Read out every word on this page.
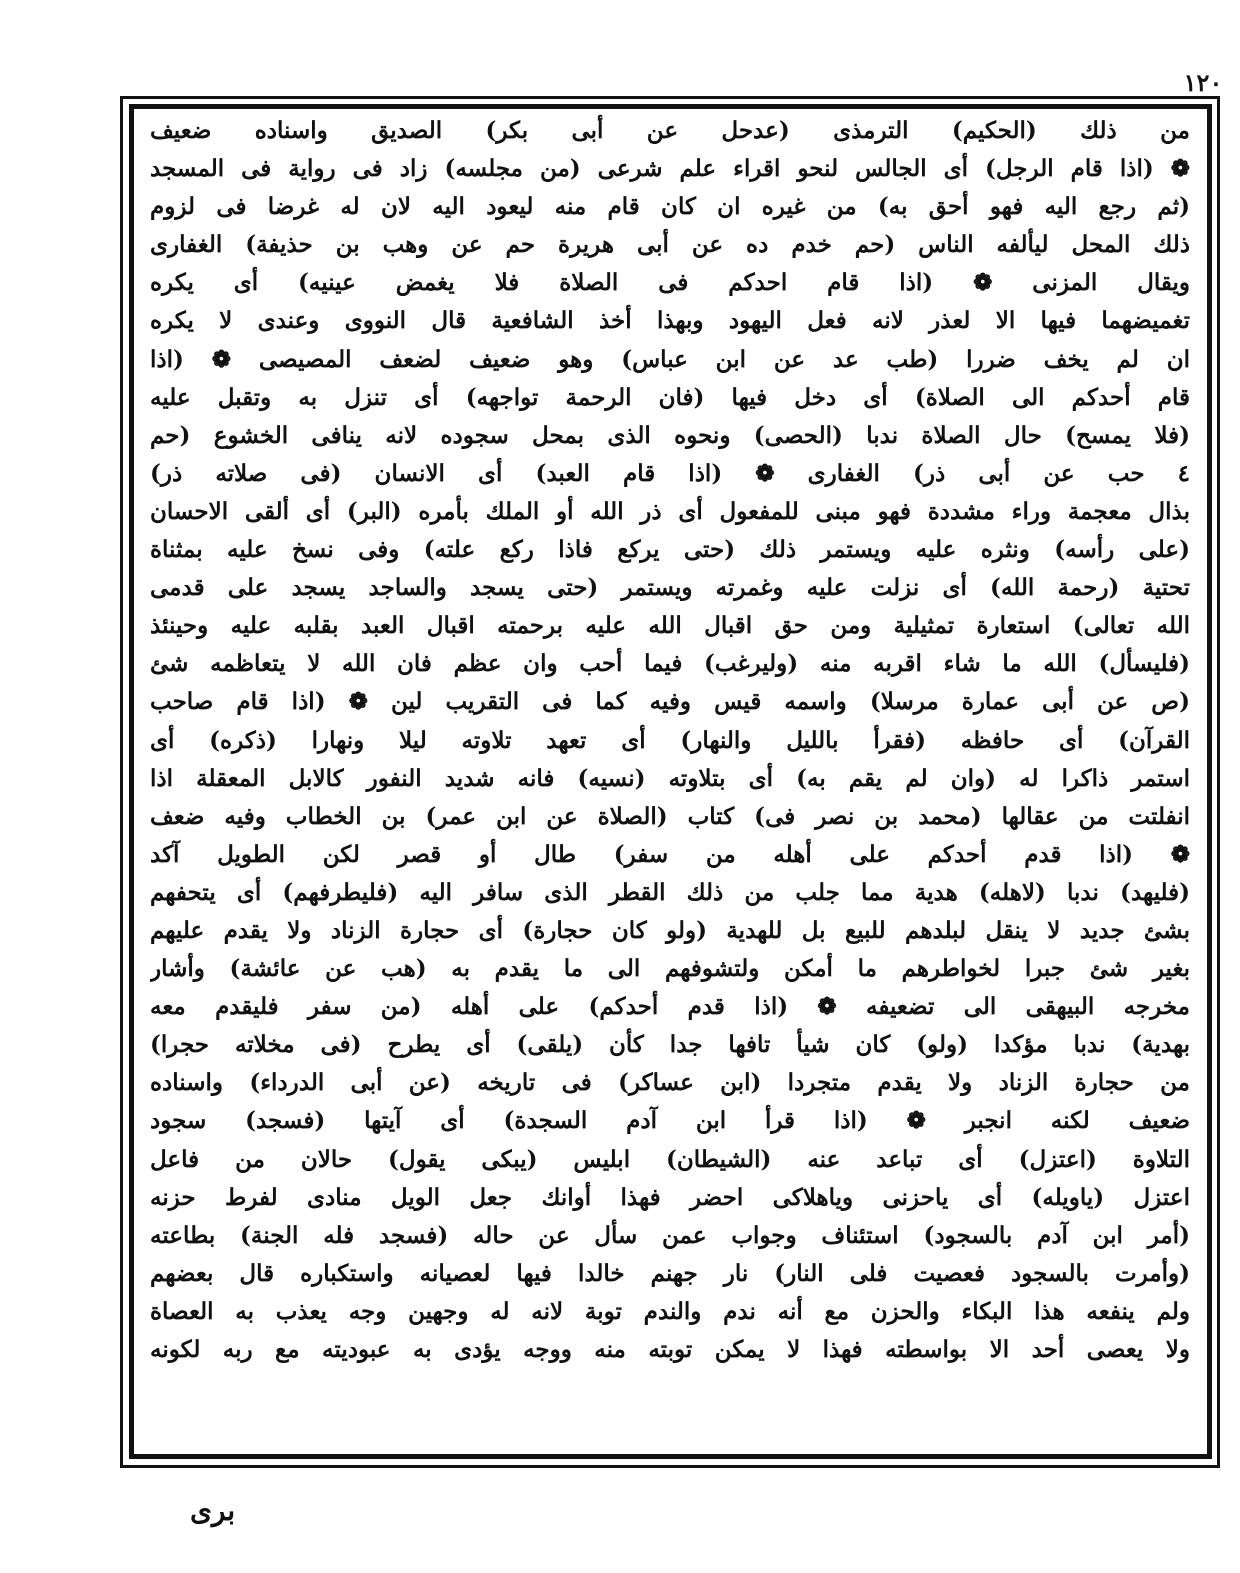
١٢٠
من ذلك (الحكيم) الترمذى (عدحل عن أبى بكر) الصديق واسناده ضعيف
❁ (اذا قام الرجل) أى الجالس لنحو اقراء علم شرعى (من مجلسه) زاد فى رواية فى المسجد
(ثم رجع اليه فهو أحق به) من غيره ان كان قام منه ليعود اليه لان له غرضا فى لزوم
ذلك المحل ليألفه الناس (حم خدم ده عن أبى هريرة حم عن وهب بن حذيفة) الغفارى
ويقال المزنى ❁ (اذا قام احدكم فى الصلاة فلا يغمض عينيه) أى يكره
تغميضهما فيها الا لعذر لانه فعل اليهود وبهذا أخذ الشافعية قال النووى وعندى لا يكره
ان لم يخف ضررا (طب عد عن ابن عباس) وهو ضعيف لضعف المصيصى ❁ (اذا
قام أحدكم الى الصلاة) أى دخل فيها (فان الرحمة تواجهه) أى تنزل به وتقبل عليه
(فلا يمسح) حال الصلاة ندبا (الحصى) ونحوه الذى بمحل سجوده لانه ينافى الخشوع (حم
٤ حب عن أبى ذر) الغفارى ❁ (اذا قام العبد) أى الانسان (فى صلاته ذر)
بذال معجمة وراء مشددة فهو مبنى للمفعول أى ذر الله أو الملك بأمره (البر) أى ألقى الاحسان
(على رأسه) ونثره عليه ويستمر ذلك (حتى يركع فاذا ركع علته) وفى نسخ عليه بمثناة
تحتية (رحمة الله) أى نزلت عليه وغمرته ويستمر (حتى يسجد والساجد يسجد على قدمى
الله تعالى) استعارة تمثيلية ومن حق اقبال الله عليه برحمته اقبال العبد بقلبه عليه وحينئذ
(فليسأل) الله ما شاء اقربه منه (وليرغب) فيما أحب وان عظم فان الله لا يتعاظمه شئ
(ص عن أبى عمارة مرسلا) واسمه قيس وفيه كما فى التقريب لين ❁ (اذا قام صاحب
القرآن) أى حافظه (فقرأ بالليل والنهار) أى تعهد تلاوته ليلا ونهارا (ذكره) أى
استمر ذاكرا له (وان لم يقم به) أى بتلاوته (نسيه) فانه شديد النفور كالابل المعقلة اذا
انفلتت من عقالها (محمد بن نصر فى) كتاب (الصلاة عن ابن عمر) بن الخطاب وفيه ضعف
❁ (اذا قدم أحدكم على أهله من سفر) طال أو قصر لكن الطويل آكد
(فليهد) ندبا (لاهله) هدية مما جلب من ذلك القطر الذى سافر اليه (فليطرفهم) أى يتحفهم
بشئ جديد لا ينقل لبلدهم للبيع بل للهدية (ولو كان حجارة) أى حجارة الزناد ولا يقدم عليهم
بغير شئ جبرا لخواطرهم ما أمكن ولتشوفهم الى ما يقدم به (هب عن عائشة) وأشار
مخرجه البيهقى الى تضعيفه ❁ (اذا قدم أحدكم) على أهله (من سفر فليقدم معه
بهدية) ندبا مؤكدا (ولو) كان شيأ تافها جدا كأن (يلقى) أى يطرح (فى مخلاته حجرا)
من حجارة الزناد ولا يقدم متجردا (ابن عساكر) فى تاريخه (عن أبى الدرداء) واسناده
ضعيف لكنه انجبر ❁ (اذا قرأ ابن آدم السجدة) أى آيتها (فسجد) سجود
التلاوة (اعتزل) أى تباعد عنه (الشيطان) ابليس (يبكى يقول) حالان من فاعل
اعتزل (ياويله) أى ياحزنى وياهلاكى احضر فهذا أوانك جعل الويل منادى لفرط حزنه
(أمر ابن آدم بالسجود) استئناف وجواب عمن سأل عن حاله (فسجد فله الجنة) بطاعته
(وأمرت بالسجود فعصيت فلى النار) نار جهنم خالدا فيها لعصيانه واستكباره قال بعضهم
ولم ينفعه هذا البكاء والحزن مع أنه ندم والندم توبة لانه له وجهين وجه يعذب به العصاة
ولا يعصى أحد الا بواسطته فهذا لا يمكن توبته منه ووجه يؤدى به عبوديته مع ربه لكونه
برى
